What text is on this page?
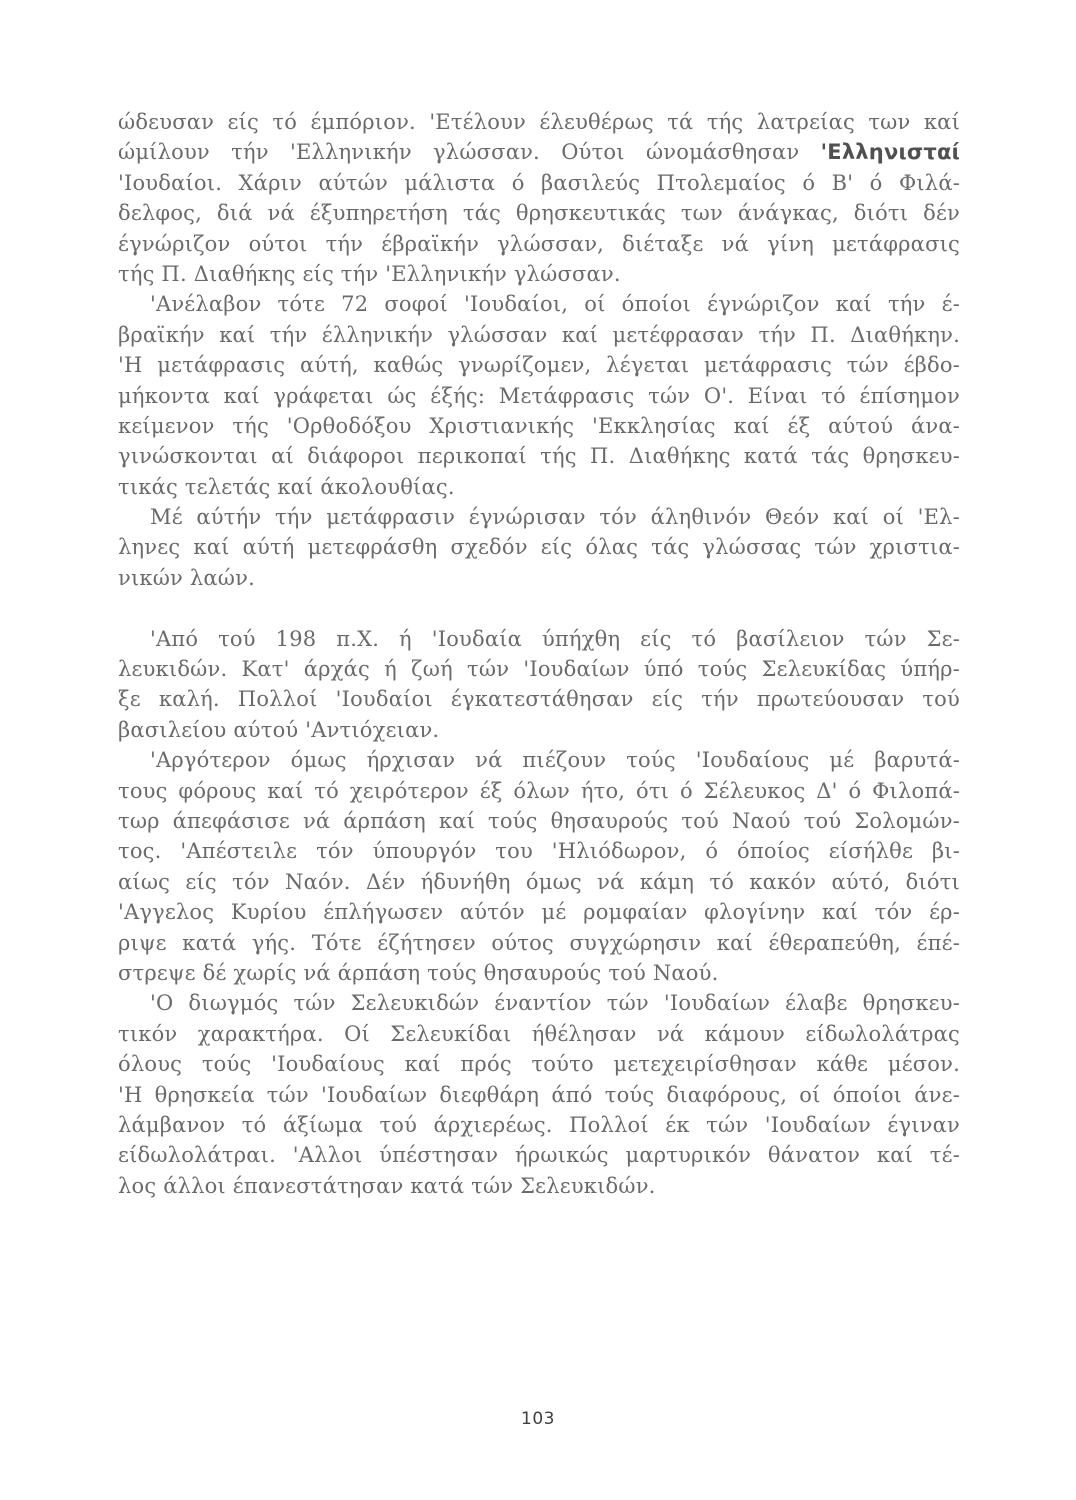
ώδευσαν είς τό έμπόριον. 'Ετέλουν έλευθέρως τά τής λατρείας των καί
ώμίλουν τήν 'Ελληνικήν γλώσσαν. Ούτοι ώνομάσθησαν 'Ελληνισταί
'Ιουδαίοι. Χάριν αύτών μάλιστα ό βασιλεύς Πτολεμαίος ό Β' ό Φιλά-
δελφος, διά νά έξυπηρετήση τάς θρησκευτικάς των άνάγκας, διότι δέν
έγνώριζον ούτοι τήν έβραϊκήν γλώσσαν, διέταξε νά γίνη μετάφρασις
τής Π. Διαθήκης είς τήν 'Ελληνικήν γλώσσαν.
'Ανέλαβον τότε 72 σοφοί 'Ιουδαίοι, οί όποίοι έγνώριζον καί τήν έ-
βραϊκήν καί τήν έλληνικήν γλώσσαν καί μετέφρασαν τήν Π. Διαθήκην.
'Η μετάφρασις αύτή, καθώς γνωρίζομεν, λέγεται μετάφρασις τών έβδο-
μήκοντα καί γράφεται ώς έξής: Μετάφρασις τών Ο'. Είναι τό έπίσημον
κείμενον τής 'Ορθοδόξου Χριστιανικής 'Εκκλησίας καί έξ αύτού άνα-
γινώσκονται αί διάφοροι περικοπαί τής Π. Διαθήκης κατά τάς θρησκευ-
τικάς τελετάς καί άκολουθίας.
Μέ αύτήν τήν μετάφρασιν έγνώρισαν τόν άληθινόν Θεόν καί οί 'Ελ-
ληνες καί αύτή μετεφράσθη σχεδόν είς όλας τάς γλώσσας τών χριστια-
νικών λαών.
'Από τού 198 π.Χ. ή 'Ιουδαία ύπήχθη είς τό βασίλειον τών Σε-
λευκιδών. Κατ' άρχάς ή ζωή τών 'Ιουδαίων ύπό τούς Σελευκίδας ύπήρ-
ξε καλή. Πολλοί 'Ιουδαίοι έγκατεστάθησαν είς τήν πρωτεύουσαν τού
βασιλείου αύτού 'Αντιόχειαν.
'Αργότερον όμως ήρχισαν νά πιέζουν τούς 'Ιουδαίους μέ βαρυτά-
τους φόρους καί τό χειρότερον έξ όλων ήτο, ότι ό Σέλευκος Δ' ό Φιλοπά-
τωρ άπεφάσισε νά άρπάση καί τούς θησαυρούς τού Ναού τού Σολομών-
τος. 'Απέστειλε τόν ύπουργόν του 'Ηλιόδωρον, ό όποίος είσήλθε βι-
αίως είς τόν Ναόν. Δέν ήδυνήθη όμως νά κάμη τό κακόν αύτό, διότι
'Αγγελος Κυρίου έπλήγωσεν αύτόν μέ ρομφαίαν φλογίνην καί τόν έρ-
ριψε κατά γής. Τότε έζήτησεν ούτος συγχώρησιν καί έθεραπεύθη, έπέ-
στρεψε δέ χωρίς νά άρπάση τούς θησαυρούς τού Ναού.
'Ο διωγμός τών Σελευκιδών έναντίον τών 'Ιουδαίων έλαβε θρησκευ-
τικόν χαρακτήρα. Οί Σελευκίδαι ήθέλησαν νά κάμουν είδωλολάτρας
όλους τούς 'Ιουδαίους καί πρός τούτο μετεχειρίσθησαν κάθε μέσον.
'Η θρησκεία τών 'Ιουδαίων διεφθάρη άπό τούς διαφόρους, οί όποίοι άνε-
λάμβανον τό άξίωμα τού άρχιερέως. Πολλοί έκ τών 'Ιουδαίων έγιναν
είδωλολάτραι. 'Αλλοι ύπέστησαν ήρωικώς μαρτυρικόν θάνατον καί τέ-
λος άλλοι έπανεστάτησαν κατά τών Σελευκιδών.
103
